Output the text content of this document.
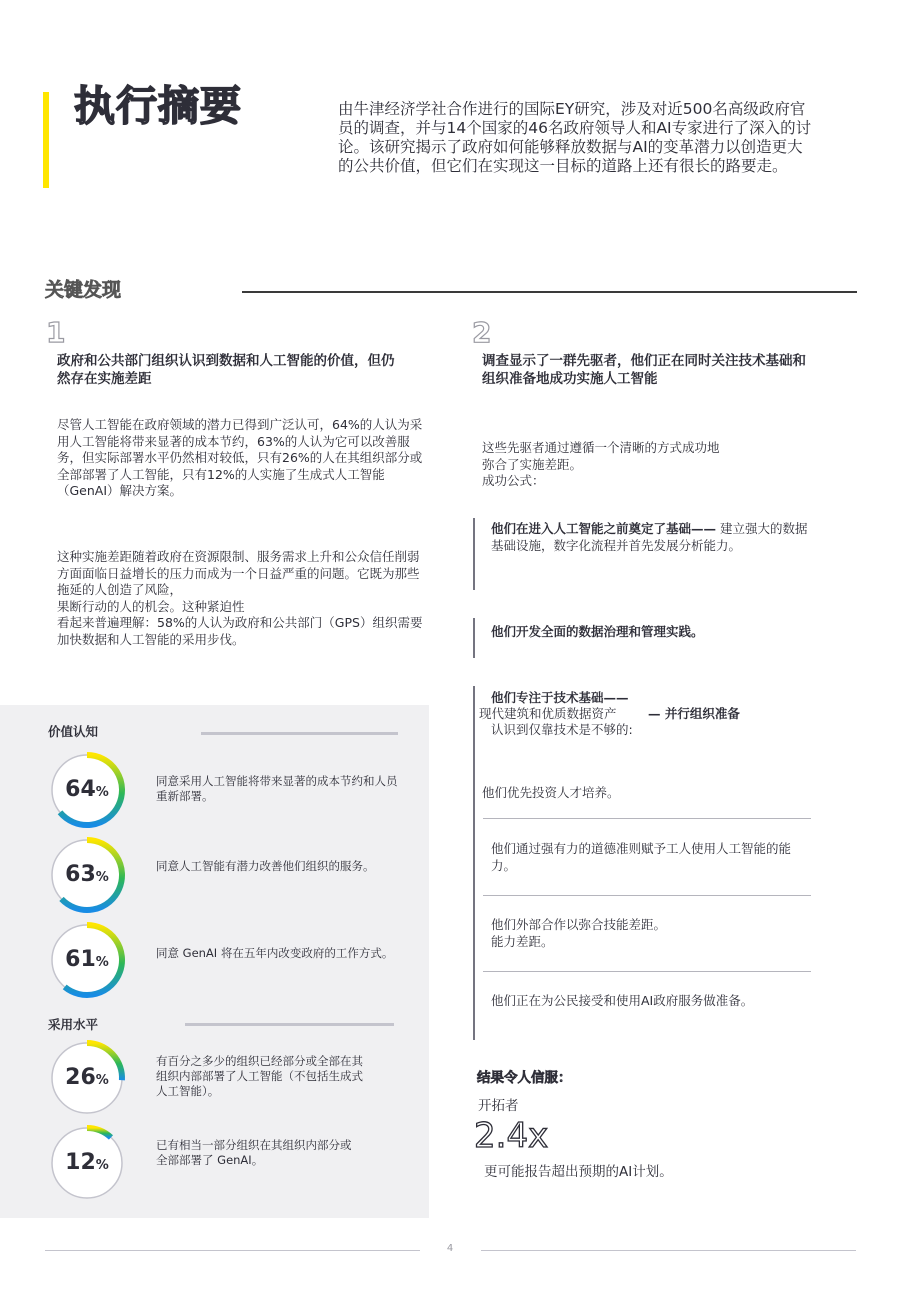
执行摘要	由牛津经济学社合作进行的国际EY研究，涉及对近500名高级政府官员的调查，并与14个国家的46名政府领导人和AI专家进行了深入的讨论。该研究揭示了政府如何能够释放数据与AI的变革潜力以创造更大的公共价值，但它们在实现这一目标的道路上还有很长的路要走。
关键发现
1
政府和公共部门组织认识到数据和人工智能的价值，但仍然存在实施差距
尽管人工智能在政府领域的潜力已得到广泛认可，64%的人认为采用人工智能将带来显著的成本节约，63%的人认为它可以改善服务，但实际部署水平仍然相对较低，只有26%的人在其组织部分或全部部署了人工智能，只有12%的人实施了生成式人工智能（GenAI）解决方案。
这种实施差距随着政府在资源限制、服务需求上升和公众信任削弱方面面临日益增长的压力而成为一个日益严重的问题。它既为那些拖延的人创造了风险，
果断行动的人的机会。这种紧迫性
看起来普遍理解：58%的人认为政府和公共部门（GPS）组织需要加快数据和人工智能的采用步伐。
2
调查显示了一群先驱者，他们正在同时关注技术基础和组织准备地成功实施人工智能
这些先驱者通过遵循一个清晰的方式成功地
弥合了实施差距。
成功公式：
他们在进入人工智能之前奠定了基础—— 建立强大的数据基础设施，数字化流程并首先发展分析能力。
他们开发全面的数据治理和管理实践。
他们专注于技术基础——
现代建筑和优质数据资产	— 并行组织准备
认识到仅靠技术是不够的:
他们优先投资人才培养。
他们通过强有力的道德准则赋予工人使用人工智能的能力。
他们外部合作以弥合技能差距。
能力差距。
他们正在为公民接受和使用AI政府服务做准备。
结果令人信服：
开拓者
2.4x
更可能报告超出预期的AI计划。
价值认知
64%
同意采用人工智能将带来显著的成本节约和人员重新部署。
63%
同意人工智能有潜力改善他们组织的服务。
61%
同意 GenAI 将在五年内改变政府的工作方式。
采用水平
26%
有百分之多少的组织已经部分或全部在其组织内部部署了人工智能（不包括生成式人工智能）。
12%
已有相当一部分组织在其组织内部分或全部部署了 GenAI。
4
